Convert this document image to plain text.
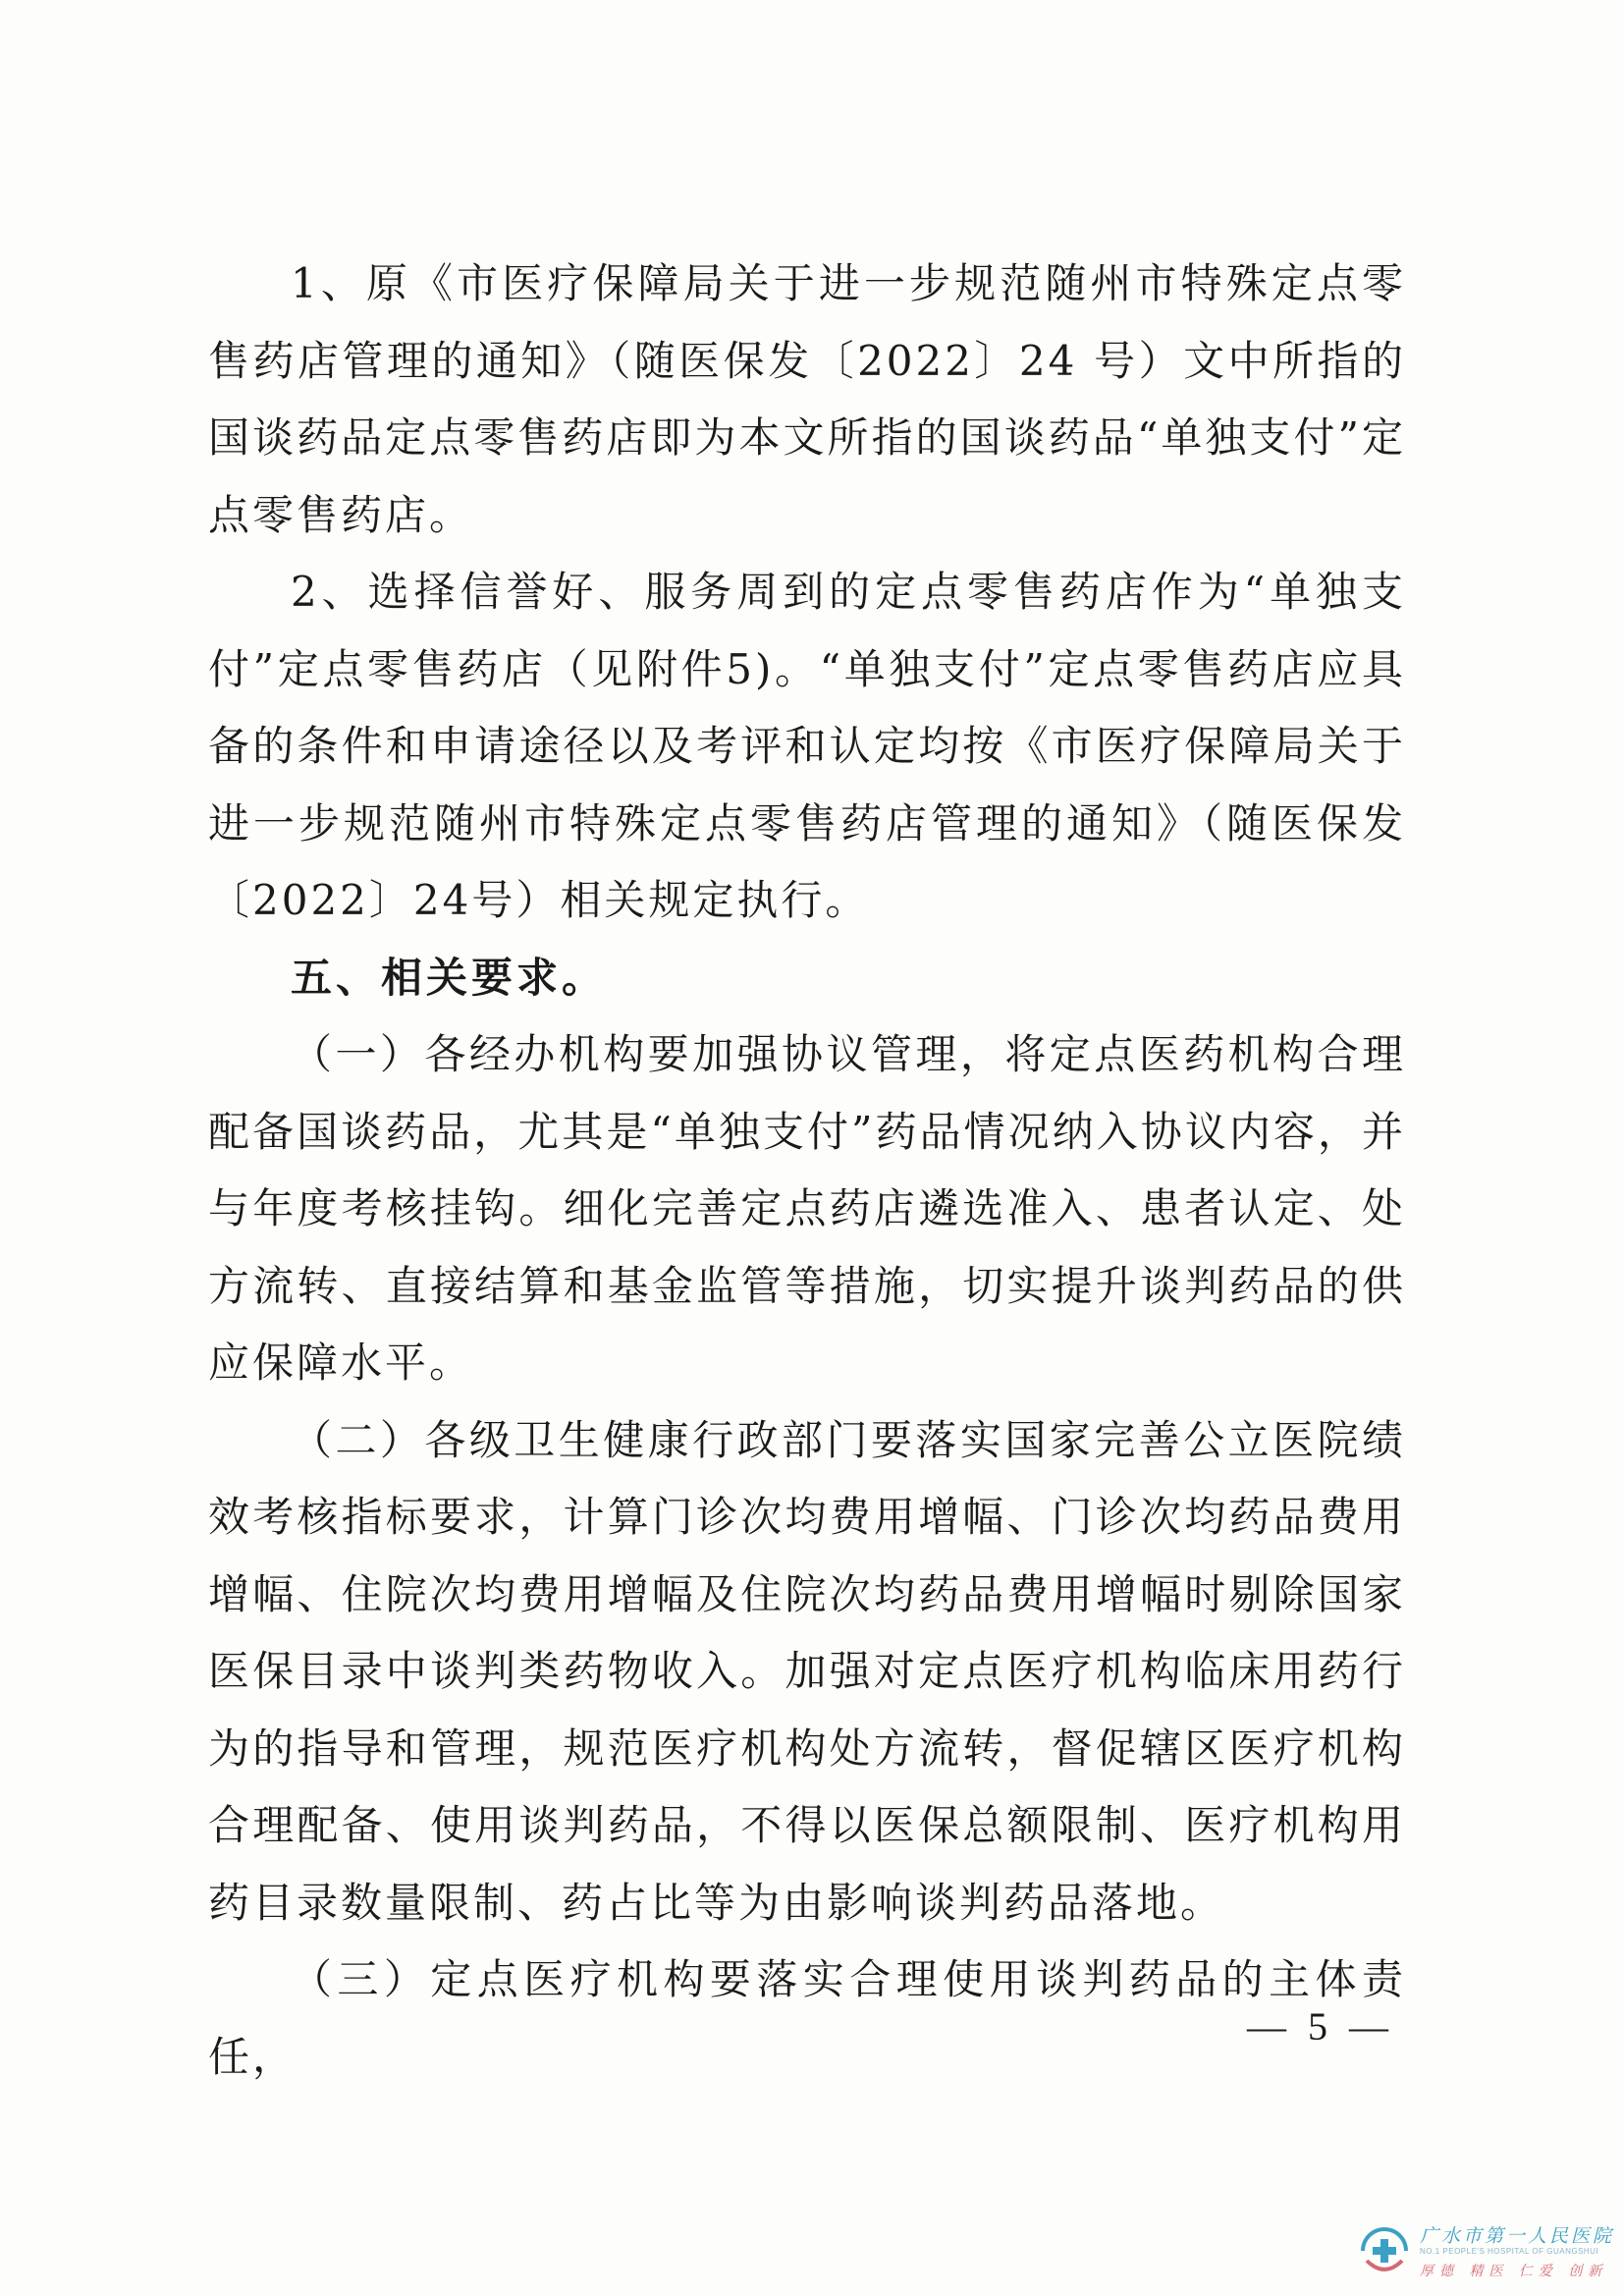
1、原《市医疗保障局关于进一步规范随州市特殊定点零售药店管理的通知》（随医保发〔2022〕24 号）文中所指的国谈药品定点零售药店即为本文所指的国谈药品“单独支付”定点零售药店。

2、选择信誉好、服务周到的定点零售药店作为“单独支付”定点零售药店（见附件5)。“单独支付”定点零售药店应具备的条件和申请途径以及考评和认定均按《市医疗保障局关于进一步规范随州市特殊定点零售药店管理的通知》（随医保发〔2022〕24号）相关规定执行。

五、相关要求。

（一）各经办机构要加强协议管理，将定点医药机构合理配备国谈药品，尤其是“单独支付”药品情况纳入协议内容，并与年度考核挂钩。细化完善定点药店遴选准入、患者认定、处方流转、直接结算和基金监管等措施，切实提升谈判药品的供应保障水平。

（二）各级卫生健康行政部门要落实国家完善公立医院绩效考核指标要求，计算门诊次均费用增幅、门诊次均药品费用增幅、住院次均费用增幅及住院次均药品费用增幅时剔除国家医保目录中谈判类药物收入。加强对定点医疗机构临床用药行为的指导和管理，规范医疗机构处方流转，督促辖区医疗机构合理配备、使用谈判药品，不得以医保总额限制、医疗机构用药目录数量限制、药占比等为由影响谈判药品落地。

（三）定点医疗机构要落实合理使用谈判药品的主体责任，

— 5 —
广水市第一人民医院
NO.1 PEOPLE'S HOSPITAL OF GUANGSHUI
厚德 精医 仁爱 创新
